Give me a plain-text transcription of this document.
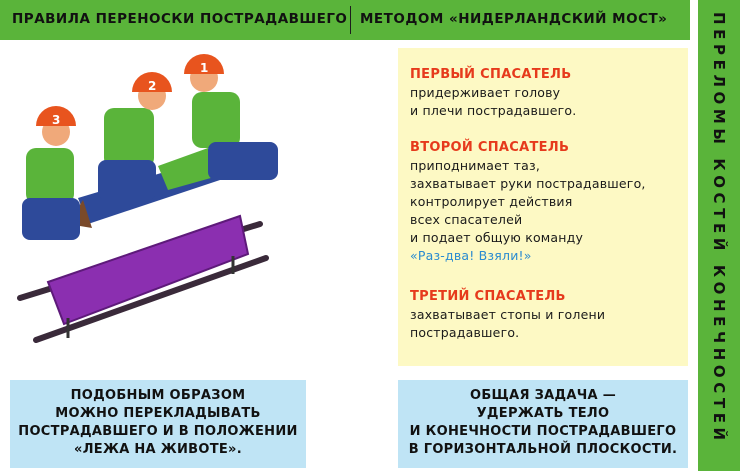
ПРАВИЛА ПЕРЕНОСКИ ПОСТРАДАВШЕГО МЕТОДОМ «НИДЕРЛАНДСКИЙ МОСТ»	ПЕРЕЛОМЫ КОСТЕЙ КОНЕЧНОСТЕЙ
3
2
1	ПЕРВЫЙ СПАСАТЕЛЬ
придерживает голову
и плечи пострадавшего.
ВТОРОЙ СПАСАТЕЛЬ
приподнимает таз,
захватывает руки пострадавшего,
контролирует действия
всех спасателей
и подает общую команду
«Раз-два! Взяли!»
ТРЕТИЙ СПАСАТЕЛЬ
захватывает стопы и голени
пострадавшего.
ПОДОБНЫМ ОБРАЗОМ
МОЖНО ПЕРЕКЛАДЫВАТЬ
ПОСТРАДАВШЕГО И В ПОЛОЖЕНИИ
«ЛЕЖА НА ЖИВОТЕ».
ОБЩАЯ ЗАДАЧА —
УДЕРЖАТЬ ТЕЛО
И КОНЕЧНОСТИ ПОСТРАДАВШЕГО
В ГОРИЗОНТАЛЬНОЙ ПЛОСКОСТИ.
